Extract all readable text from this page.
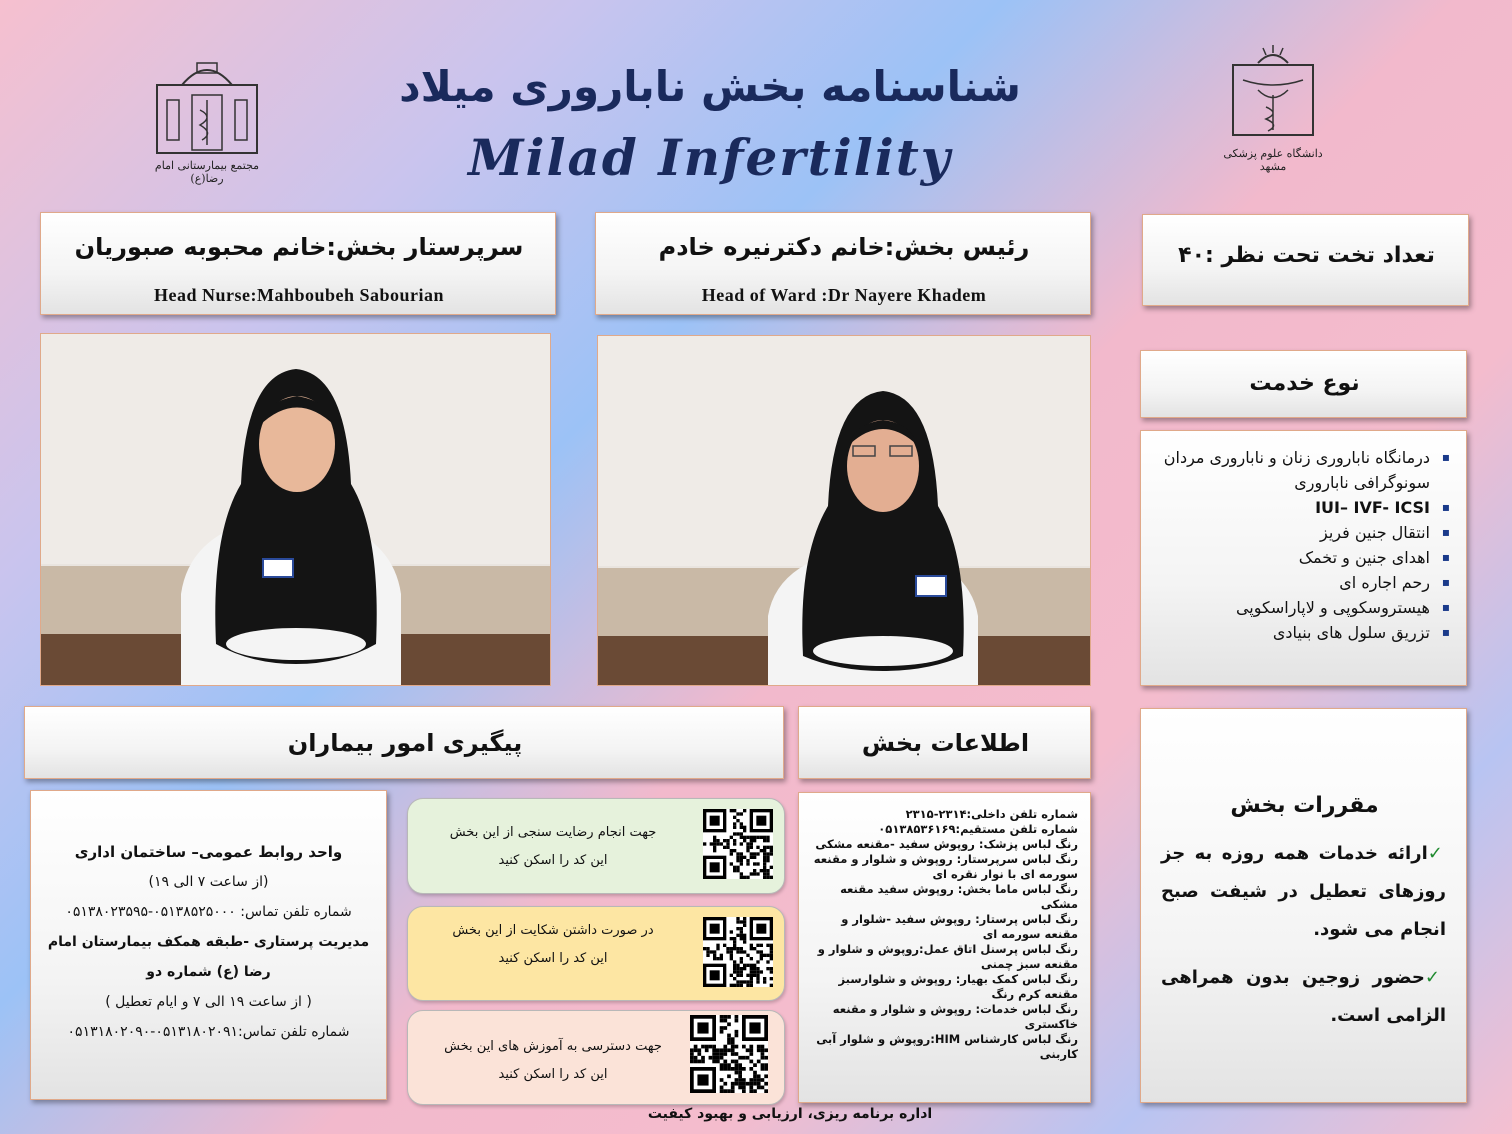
شناسنامه بخش ناباروری میلاد
Milad Infertility
مجتمع بیمارستانی امام رضا(ع)
دانشگاه علوم پزشکی مشهد
سرپرستار بخش:خانم محبوبه صبوریان
Head Nurse:Mahboubeh Sabourian
رئیس بخش:خانم دکترنیره خادم
Head of Ward :Dr Nayere Khadem
تعداد تخت تحت نظر :۴۰
نوع خدمت
▪ درمانگاه ناباروری زنان و ناباروری مردان سونوگرافی ناباروری
▪ IUI– IVF- ICSI
▪ انتقال جنین فریز
▪ اهدای جنین و تخمک
▪ رحم اجاره ای
▪ هیستروسکوپی و لاپاراسکوپی
▪ تزریق سلول های بنیادی
پیگیری امور بیماران	اطلاعات بخش
مقررات بخش

✓ارائه خدمات همه روزه به جز روزهای تعطیل در شیفت صبح انجام می شود.

✓حضور زوجین بدون همراهی الزامی است.

شماره تلفن داخلی:۲۳۱۴-۲۳۱۵

شماره تلفن مستقیم:۰۵۱۳۸۵۳۶۱۶۹

رنگ لباس پزشک: روپوش سفید -مقنعه مشکی

رنگ لباس سرپرستار: روپوش و شلوار و مقنعه سورمه ای با نوار نقره ای

رنگ لباس ماما بخش: روپوش سفید مقنعه مشکی

رنگ لباس پرستار: روپوش سفید -شلوار و مقنعه سورمه ای

رنگ لباس پرسنل اتاق عمل:روپوش و شلوار و مقنعه سبز چمنی

رنگ لباس کمک بهیار: روپوش و شلوارسبز مقنعه کرم رنگ

رنگ لباس خدمات: روپوش و شلوار و مقنعه خاکستری

رنگ لباس کارشناس HIM:روپوش و شلوار آبی کاربنی

جهت انجام رضایت سنجی از این بخش
این کد را اسکن کنید
در صورت داشتن شکایت از این بخش
این کد را اسکن کنید
جهت دسترسی به آموزش های این بخش
این کد را اسکن کنید

واحد روابط عمومی– ساختمان اداری

(از ساعت ۷ الی ۱۹)

شماره تلفن تماس: ۰۵۱۳۸۵۲۵۰۰۰-۰۵۱۳۸۰۲۳۵۹۵

مدیریت پرستاری -طبقه همکف بیمارستان امام رضا (ع) شماره دو

( از ساعت ۱۹ الی ۷ و ایام تعطیل )

شماره تلفن تماس:۰۵۱۳۱۸۰۲۰۹۱-۰۵۱۳۱۸۰۲۰۹۰

اداره برنامه ریزی، ارزیابی و بهبود کیفیت
